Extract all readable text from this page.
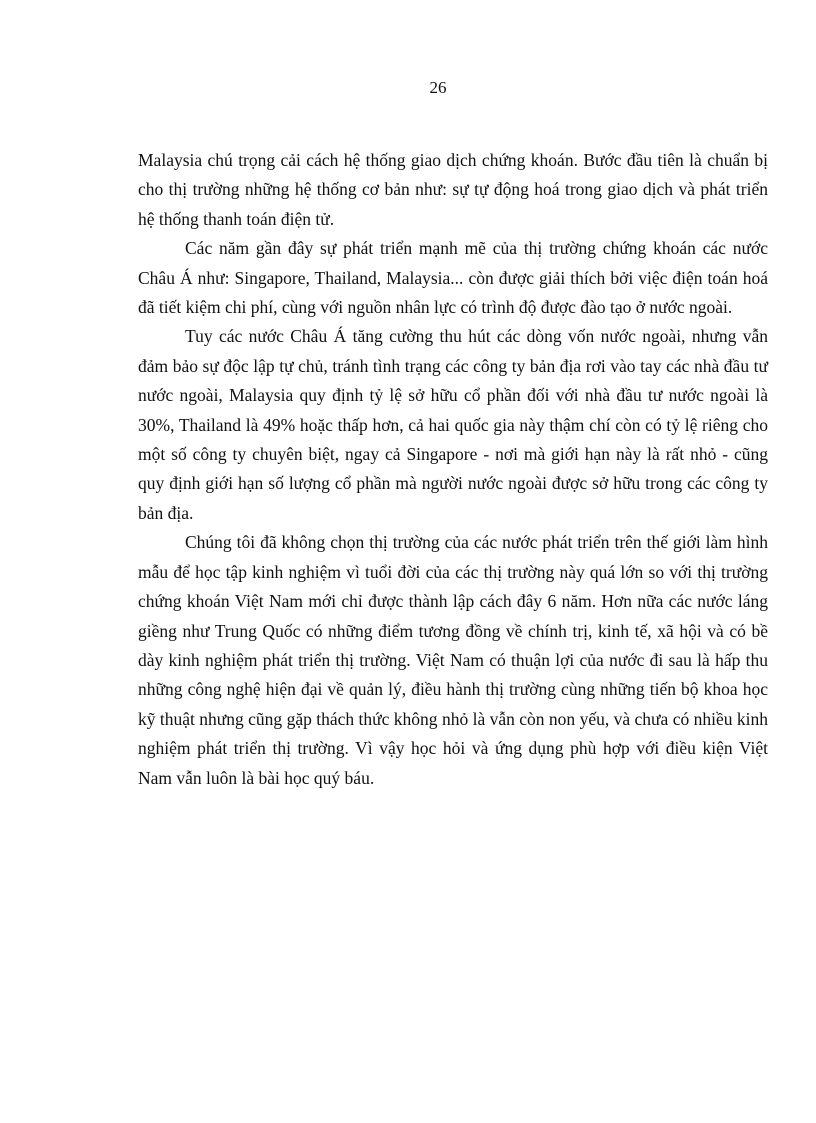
26

Malaysia chú trọng cải cách hệ thống giao dịch chứng khoán. Bước đầu tiên là chuẩn bị cho thị trường những hệ thống cơ bản như: sự tự động hoá trong giao dịch và phát triển hệ thống thanh toán điện tử.

Các năm gần đây sự phát triển mạnh mẽ của thị trường chứng khoán các nước Châu Á như: Singapore, Thailand, Malaysia... còn được giải thích bởi việc điện toán hoá đã tiết kiệm chi phí, cùng với nguồn nhân lực có trình độ được đào tạo ở nước ngoài.

Tuy các nước Châu Á tăng cường thu hút các dòng vốn nước ngoài, nhưng vẫn đảm bảo sự độc lập tự chủ, tránh tình trạng các công ty bản địa rơi vào tay các nhà đầu tư nước ngoài, Malaysia quy định tỷ lệ sở hữu cổ phần đối với nhà đầu tư nước ngoài là 30%, Thailand là 49% hoặc thấp hơn, cả hai quốc gia này thậm chí còn có tỷ lệ riêng cho một số công ty chuyên biệt, ngay cả Singapore - nơi mà giới hạn này là rất nhỏ - cũng quy định giới hạn số lượng cổ phần mà người nước ngoài được sở hữu trong các công ty bản địa.

Chúng tôi đã không chọn thị trường của các nước phát triển trên thế giới làm hình mẫu để học tập kinh nghiệm vì tuổi đời của các thị trường này quá lớn so với thị trường chứng khoán Việt Nam mới chỉ được thành lập cách đây 6 năm. Hơn nữa các nước láng giềng như Trung Quốc có những điểm tương đồng về chính trị, kinh tế, xã hội và có bề dày kinh nghiệm phát triển thị trường. Việt Nam có thuận lợi của nước đi sau là hấp thu những công nghệ hiện đại về quản lý, điều hành thị trường cùng những tiến bộ khoa học kỹ thuật nhưng cũng gặp thách thức không nhỏ là vẫn còn non yếu, và chưa có nhiều kinh nghiệm phát triển thị trường. Vì vậy học hỏi và ứng dụng phù hợp với điều kiện Việt Nam vẫn luôn là bài học quý báu.
